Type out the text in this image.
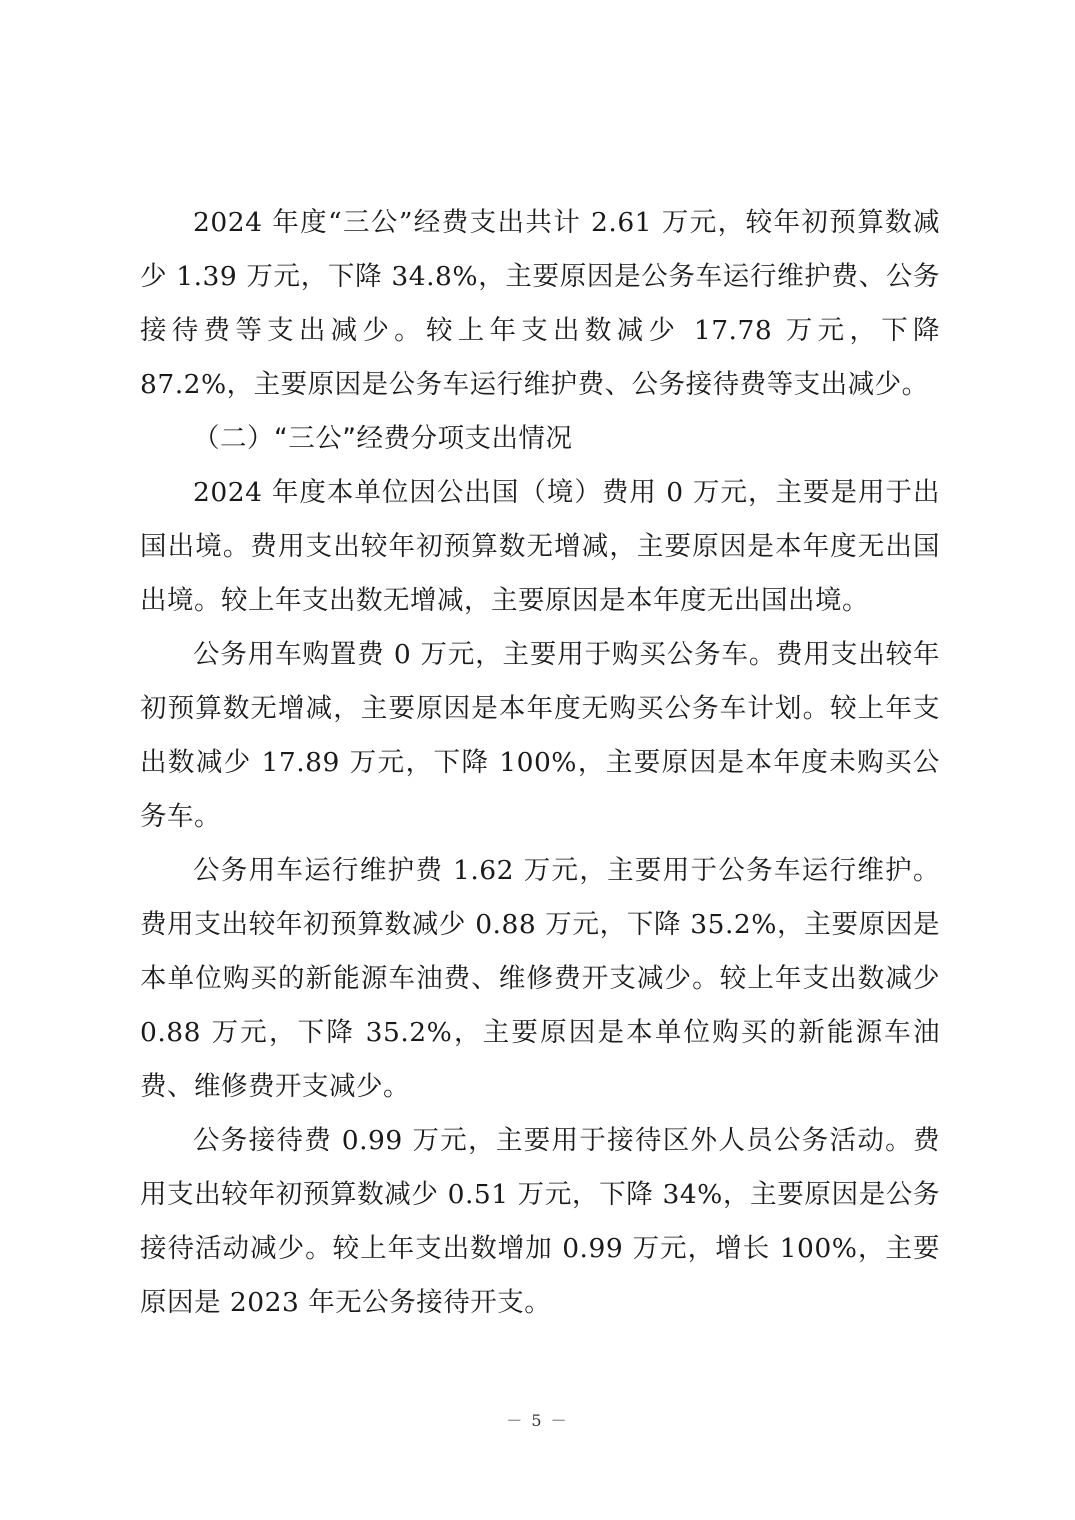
2024 年度“三公”经费支出共计 2.61 万元，较年初预算数减少 1.39 万元，下降 34.8%，主要原因是公务车运行维护费、公务接待费等支出减少。较上年支出数减少 17.78 万元，下降 87.2%，主要原因是公务车运行维护费、公务接待费等支出减少。

（二）“三公”经费分项支出情况

2024 年度本单位因公出国（境）费用 0 万元，主要是用于出国出境。费用支出较年初预算数无增减，主要原因是本年度无出国出境。较上年支出数无增减，主要原因是本年度无出国出境。

公务用车购置费 0 万元，主要用于购买公务车。费用支出较年初预算数无增减，主要原因是本年度无购买公务车计划。较上年支出数减少 17.89 万元，下降 100%，主要原因是本年度未购买公务车。

公务用车运行维护费 1.62 万元，主要用于公务车运行维护。费用支出较年初预算数减少 0.88 万元，下降 35.2%，主要原因是本单位购买的新能源车油费、维修费开支减少。较上年支出数减少 0.88 万元，下降 35.2%，主要原因是本单位购买的新能源车油费、维修费开支减少。

公务接待费 0.99 万元，主要用于接待区外人员公务活动。费用支出较年初预算数减少 0.51 万元，下降 34%，主要原因是公务接待活动减少。较上年支出数增加 0.99 万元，增长 100%，主要原因是 2023 年无公务接待开支。

－ 5 －
